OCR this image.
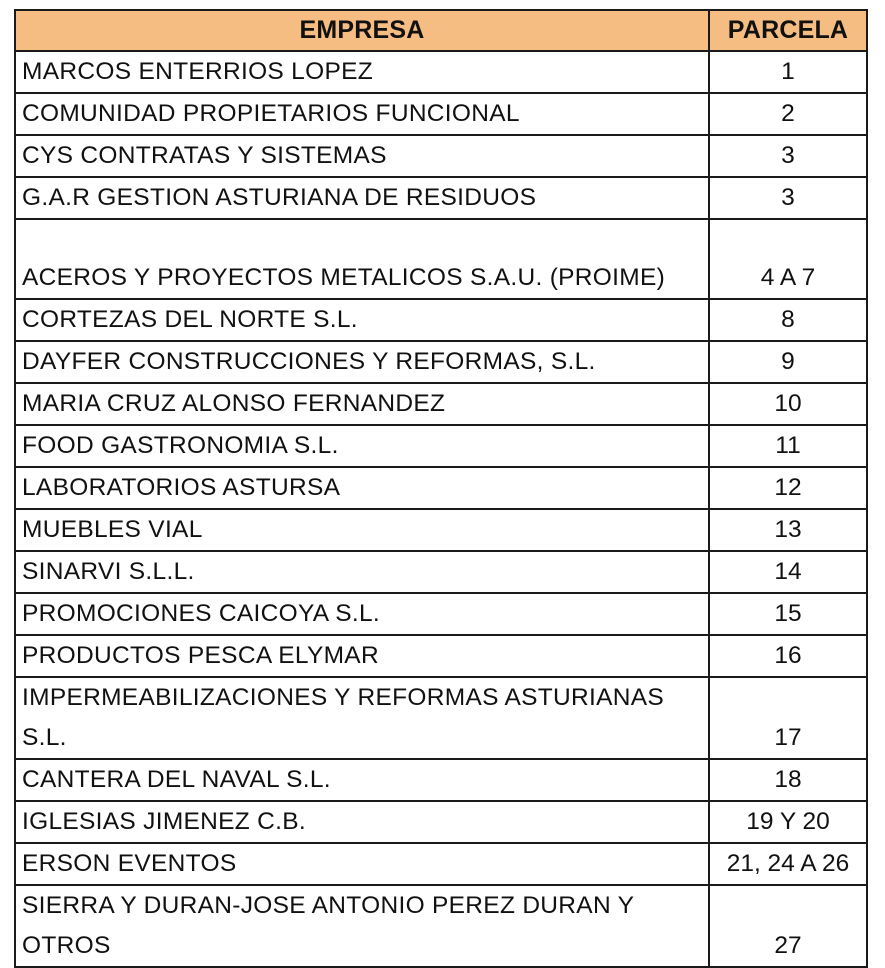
EMPRESA	PARCELA
MARCOS ENTERRIOS LOPEZ	1
COMUNIDAD PROPIETARIOS FUNCIONAL	2
CYS CONTRATAS Y SISTEMAS	3
G.A.R GESTION ASTURIANA DE RESIDUOS	3
ACEROS Y PROYECTOS METALICOS S.A.U. (PROIME)	4 A 7
CORTEZAS DEL NORTE S.L.	8
DAYFER CONSTRUCCIONES Y REFORMAS, S.L.	9
MARIA CRUZ ALONSO FERNANDEZ	10
FOOD GASTRONOMIA S.L.	11
LABORATORIOS ASTURSA	12
MUEBLES VIAL	13
SINARVI S.L.L.	14
PROMOCIONES CAICOYA S.L.	15
PRODUCTOS PESCA ELYMAR	16
IMPERMEABILIZACIONES Y REFORMAS ASTURIANAS S.L.	17
CANTERA DEL NAVAL S.L.	18
IGLESIAS JIMENEZ C.B.	19 Y 20
ERSON EVENTOS	21, 24 A 26
SIERRA Y DURAN-JOSE ANTONIO PEREZ DURAN Y OTROS	27
